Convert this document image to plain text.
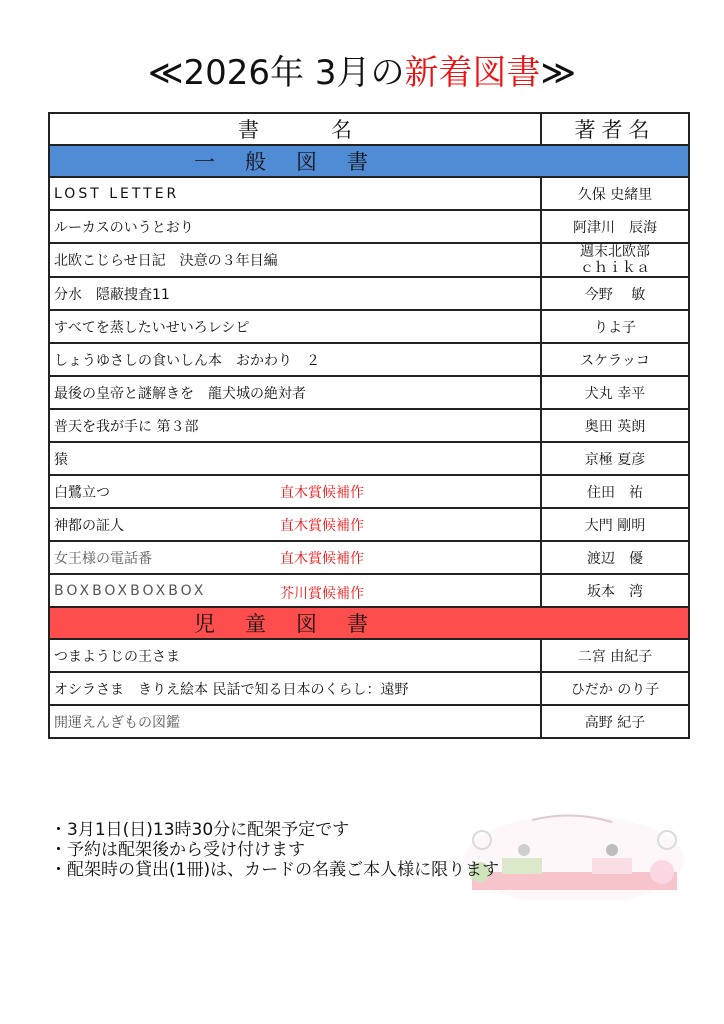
≪2026年 3月の新着図書≫
書名	著者名
一般図書	
LOST LETTER	久保 史緒里
ルーカスのいうとおり	阿津川　辰海
北欧こじらせ日記　決意の３年目編	週末北欧部
ｃｈｉｋａ

分水　隠蔽捜査11	今野　 敏
すべてを蒸したいせいろレシピ	りよ子
しょうゆさしの食いしん本　おかわり　２	スケラッコ
最後の皇帝と謎解きを　龍犬城の絶対者	犬丸 幸平
普天を我が手に 第３部	奥田 英朗
猿	京極 夏彦
白鷺立つ 直木賞候補作	住田　祐
神都の証人 直木賞候補作	大門 剛明
女王様の電話番 直木賞候補作	渡辺　優
BOXBOXBOXBOX 芥川賞候補作	坂本　湾
児童図書	
つまようじの王さま	二宮 由紀子
オシラさま　きりえ絵本 民話で知る日本のくらし：遠野	ひだか のり子
開運えんぎもの図鑑	高野 紀子
・3月1日(日)13時30分に配架予定です
・予約は配架後から受け付けます
・配架時の貸出(1冊)は、カードの名義ご本人様に限ります
